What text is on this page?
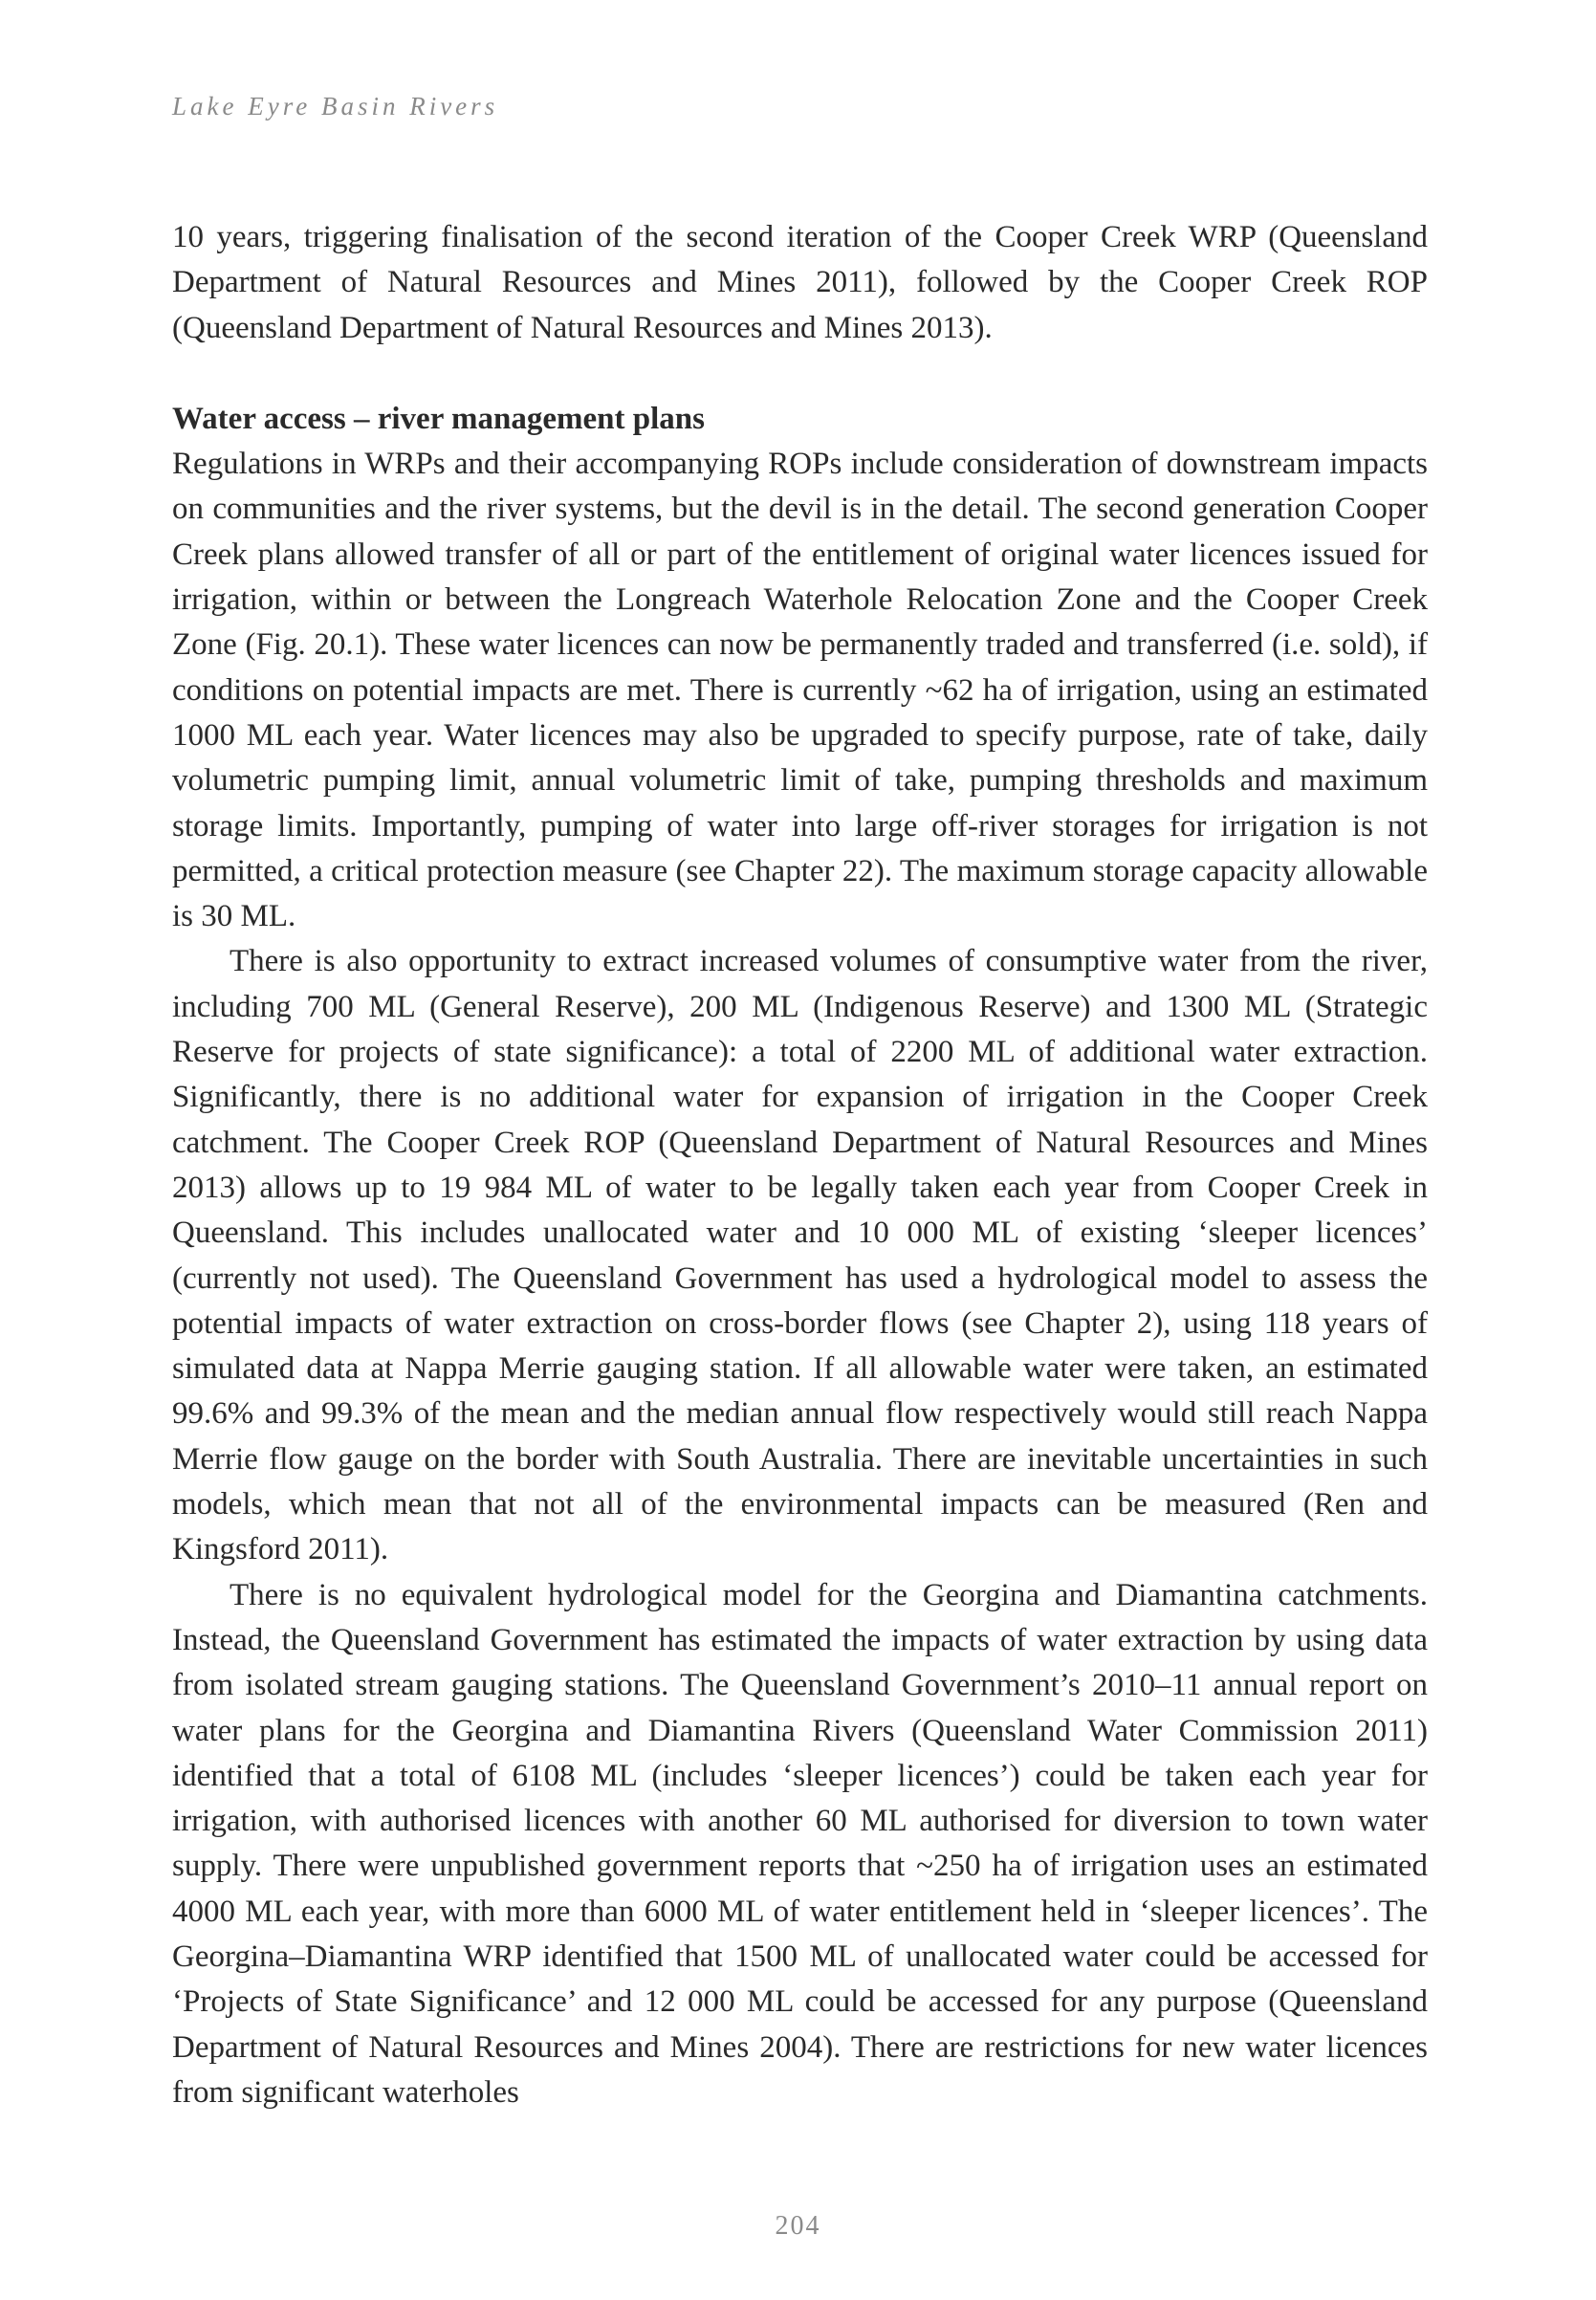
Lake Eyre Basin Rivers

10 years, triggering finalisation of the second iteration of the Cooper Creek WRP (Queensland Department of Natural Resources and Mines 2011), followed by the Cooper Creek ROP (Queensland Department of Natural Resources and Mines 2013).

Water access – river management plans

Regulations in WRPs and their accompanying ROPs include consideration of downstream impacts on communities and the river systems, but the devil is in the detail. The second generation Cooper Creek plans allowed transfer of all or part of the entitlement of original water licences issued for irrigation, within or between the Longreach Waterhole Relocation Zone and the Cooper Creek Zone (Fig. 20.1). These water licences can now be permanently traded and transferred (i.e. sold), if conditions on potential impacts are met. There is currently ~62 ha of irrigation, using an estimated 1000 ML each year. Water licences may also be upgraded to specify purpose, rate of take, daily volumetric pumping limit, annual volumetric limit of take, pumping thresholds and maximum storage limits. Importantly, pumping of water into large off-river storages for irrigation is not permitted, a critical protection measure (see Chapter 22). The maximum storage capacity allowable is 30 ML.

There is also opportunity to extract increased volumes of consumptive water from the river, including 700 ML (General Reserve), 200 ML (Indigenous Reserve) and 1300 ML (Strategic Reserve for projects of state significance): a total of 2200 ML of additional water extraction. Significantly, there is no additional water for expansion of irrigation in the Cooper Creek catchment. The Cooper Creek ROP (Queensland Department of Natural Resources and Mines 2013) allows up to 19 984 ML of water to be legally taken each year from Cooper Creek in Queensland. This includes unallocated water and 10 000 ML of existing ‘sleeper licences’ (currently not used). The Queensland Government has used a hydrological model to assess the potential impacts of water extraction on cross-border flows (see Chapter 2), using 118 years of simulated data at Nappa Merrie gauging station. If all allowable water were taken, an estimated 99.6% and 99.3% of the mean and the median annual flow respectively would still reach Nappa Merrie flow gauge on the border with South Australia. There are inevitable uncertainties in such models, which mean that not all of the environmental impacts can be measured (Ren and Kingsford 2011).

There is no equivalent hydrological model for the Georgina and Diamantina catchments. Instead, the Queensland Government has estimated the impacts of water extraction by using data from isolated stream gauging stations. The Queensland Government’s 2010–11 annual report on water plans for the Georgina and Diamantina Rivers (Queensland Water Commission 2011) identified that a total of 6108 ML (includes ‘sleeper licences’) could be taken each year for irrigation, with authorised licences with another 60 ML authorised for diversion to town water supply. There were unpublished government reports that ~250 ha of irrigation uses an estimated 4000 ML each year, with more than 6000 ML of water entitlement held in ‘sleeper licences’. The Georgina–Diamantina WRP identified that 1500 ML of unallocated water could be accessed for ‘Projects of State Significance’ and 12 000 ML could be accessed for any purpose (Queensland Department of Natural Resources and Mines 2004). There are restrictions for new water licences from significant waterholes

204
